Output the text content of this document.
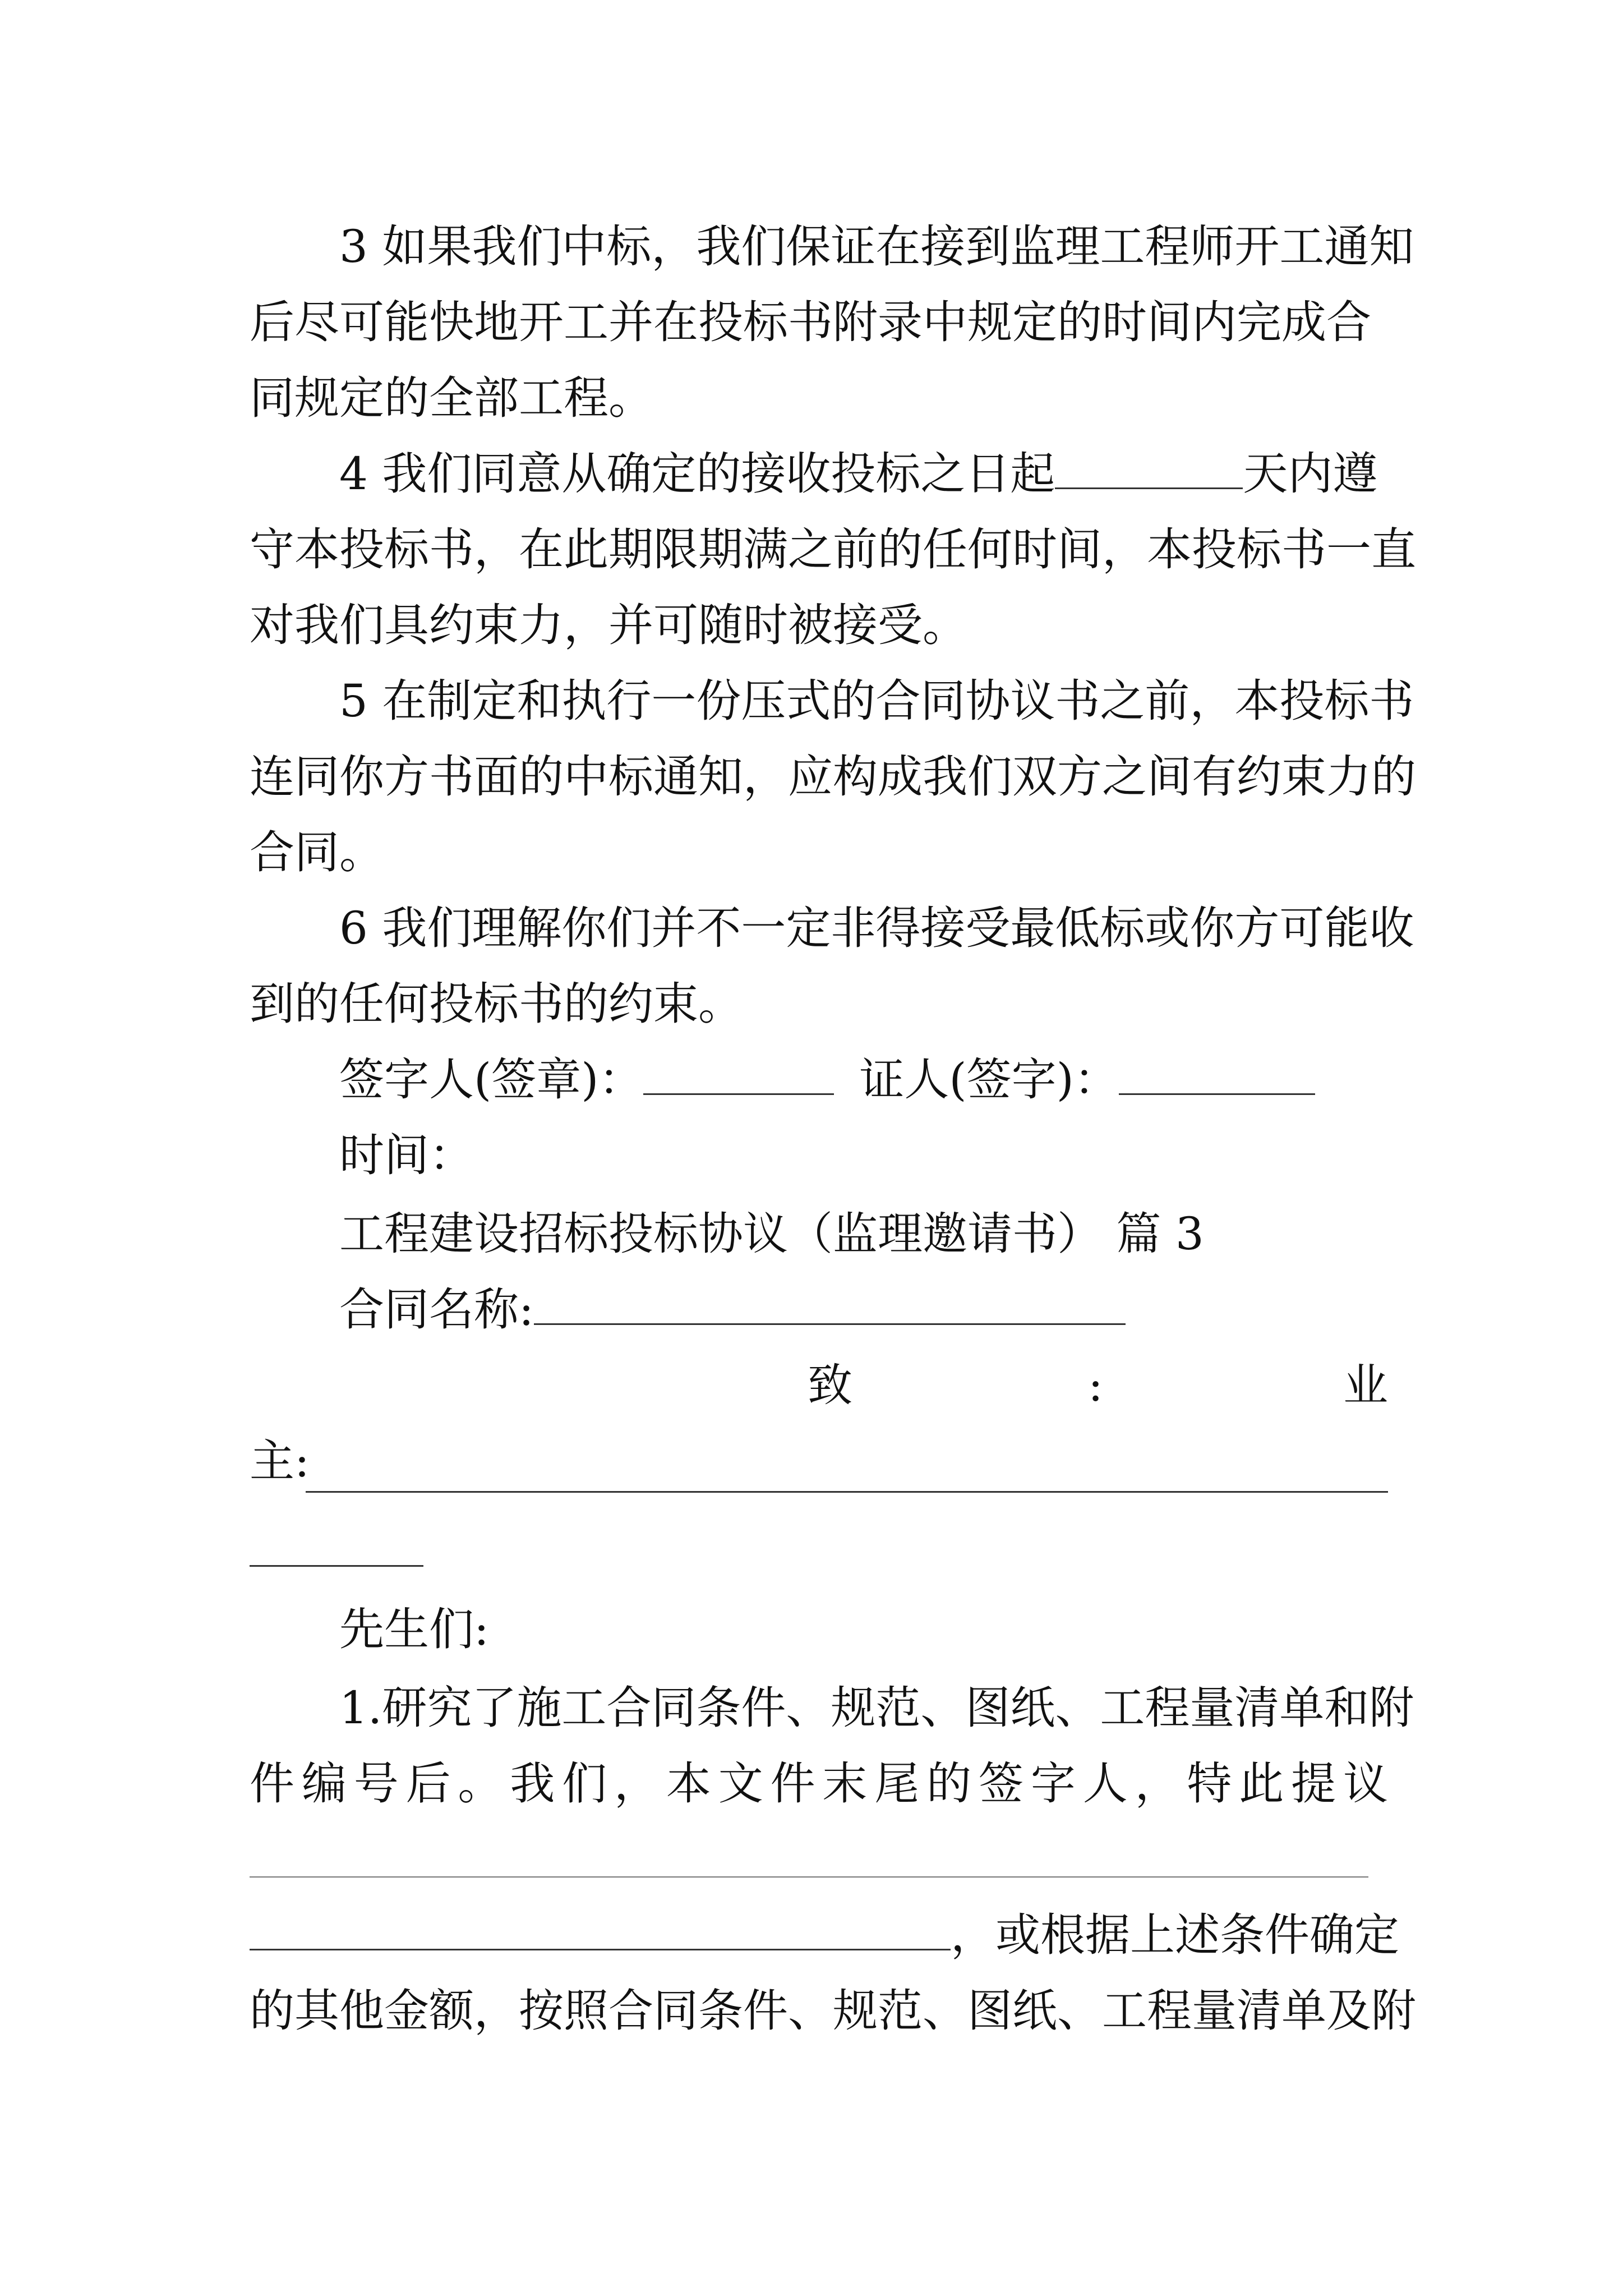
3 如果我们中标，我们保证在接到监理工程师开工通知
后尽可能快地开工并在投标书附录中规定的时间内完成合
同规定的全部工程。
4 我们同意从确定的接收投标之日起	天内遵
守本投标书，在此期限期满之前的任何时间，本投标书一直
对我们具约束力，并可随时被接受。
5 在制定和执行一份压式的合同协议书之前，本投标书
连同你方书面的中标通知，应构成我们双方之间有约束力的
合同。
6 我们理解你们并不一定非得接受最低标或你方可能收
到的任何投标书的约束。
签字人(签章)：	证人(签字)：
时间：
工程建设招标投标协议（监理邀请书） 篇 3
合同名称:
致	:	业
主:
先生们:
1.研究了施工合同条件、规范、图纸、工程量清单和附
件编号后。我们，本文件末尾的签字人，特此提议
，或根据上述条件确定
的其他金额，按照合同条件、规范、图纸、工程量清单及附
